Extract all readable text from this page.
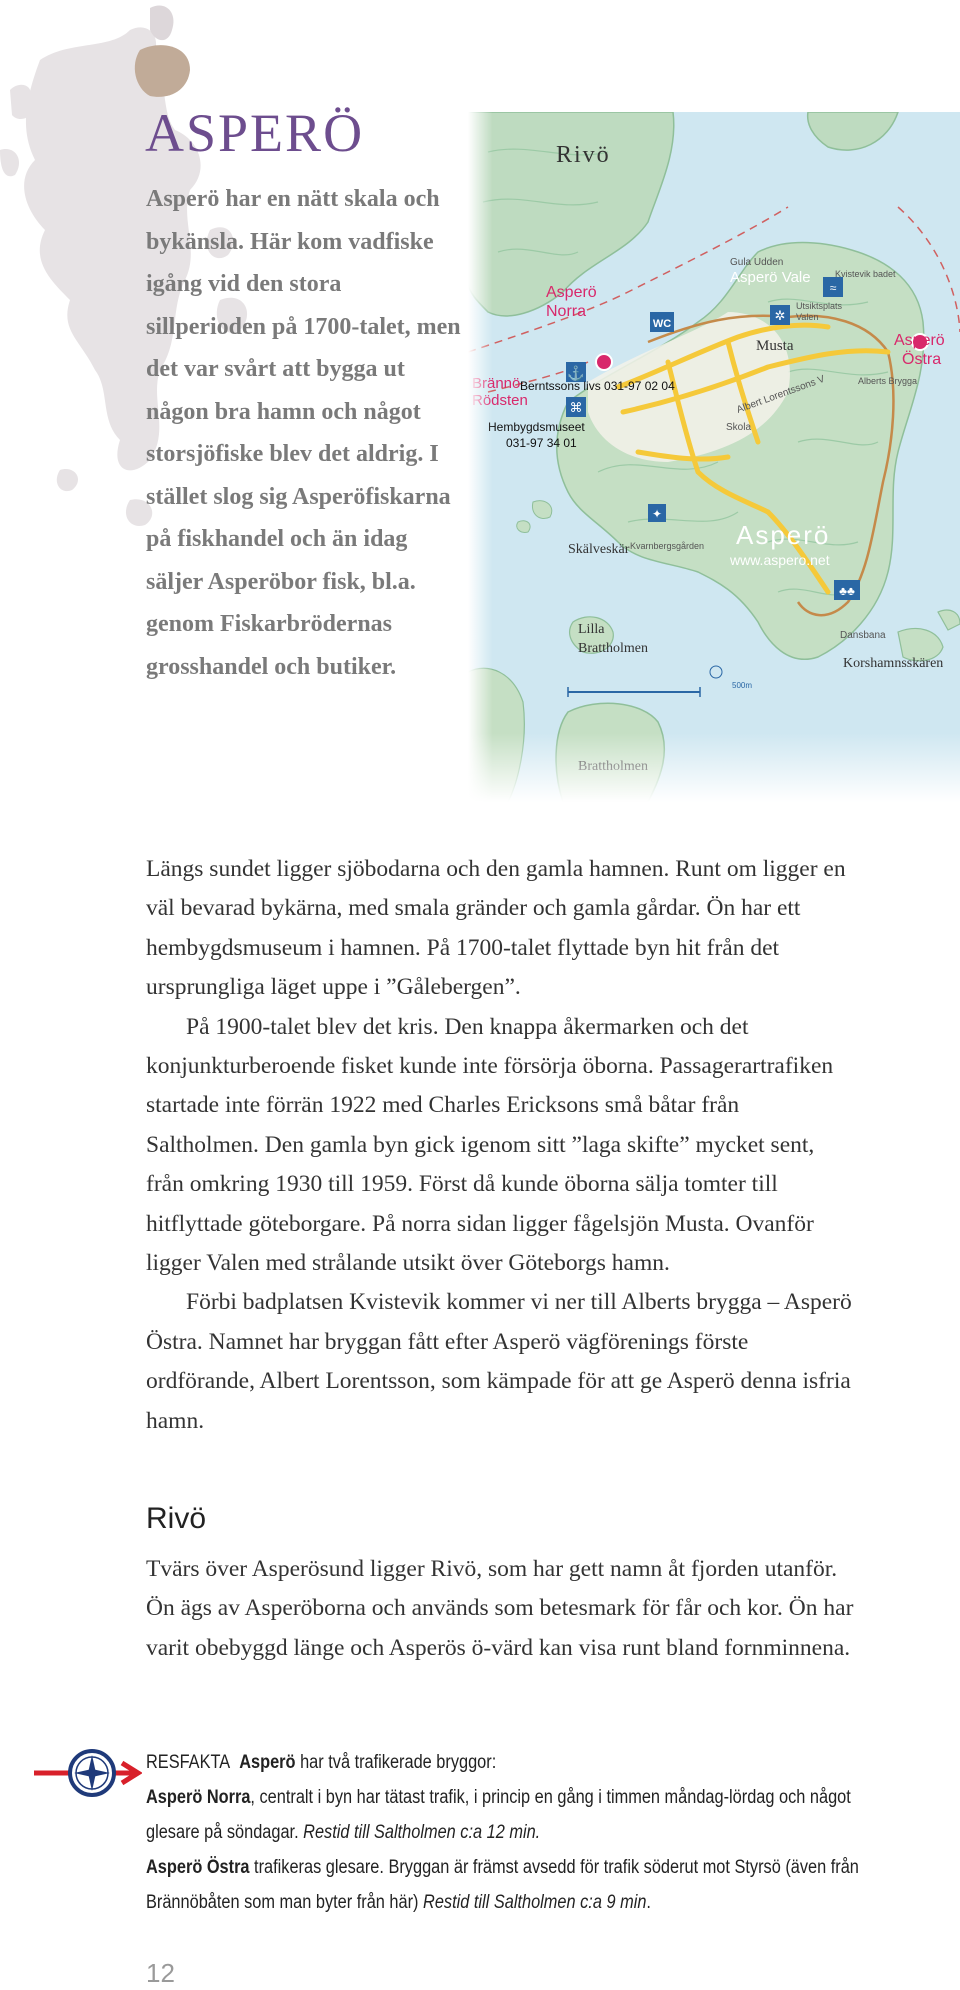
ASPERÖ

Asperö har en nätt skala och bykänsla. Här kom vadfiske igång vid den stora sillperioden på 1700-talet, men det var svårt att bygga ut någon bra hamn och något storsjöfiske blev det aldrig. I stället slog sig Asperöfiskarna på fiskhandel och än idag säljer Asperöbor fisk, bl.a. genom Fiskarbrödernas grosshandel och butiker.

Längs sundet ligger sjöbodarna och den gamla hamnen. Runt om ligger en väl bevarad bykärna, med smala gränder och gamla gårdar. Ön har ett hembygdsmuseum i hamnen. På 1700-talet flyttade byn hit från det ursprungliga läget uppe i ”Gålebergen”.

På 1900-talet blev det kris. Den knappa åkermarken och det konjunkturberoende fisket kunde inte försörja öborna. Passagerartrafiken startade inte förrän 1922 med Charles Ericksons små båtar från Saltholmen. Den gamla byn gick igenom sitt ”laga skifte” mycket sent, från omkring 1930 till 1959. Först då kunde öborna sälja tomter till hitflyttade göteborgare. På norra sidan ligger fågelsjön Musta. Ovanför ligger Valen med strålande utsikt över Göteborgs hamn.

Förbi badplatsen Kvistevik kommer vi ner till Alberts brygga – Asperö Östra. Namnet har bryggan fått efter Asperö vägförenings förste ordförande, Albert Lorentsson, som kämpade för att ge Asperö denna isfria hamn.

Rivö

Tvärs över Asperösund ligger Rivö, som har gett namn åt fjorden utanför. Ön ägs av Asperöborna och används som betesmark för får och kor. Ön har varit obebyggd länge och Asperös ö-värd kan visa runt bland fornminnena.

RESFAKTA Asperö har två trafikerade bryggor:

Asperö Norra, centralt i byn har tätast trafik, i princip en gång i timmen måndag-lördag och något glesare på söndagar. Restid till Saltholmen c:a 12 min.

Asperö Östra trafikeras glesare. Bryggan är främst avsedd för trafik söderut mot Styrsö (även från Brännöbåten som man byter från här) Restid till Saltholmen c:a 9 min.

12
